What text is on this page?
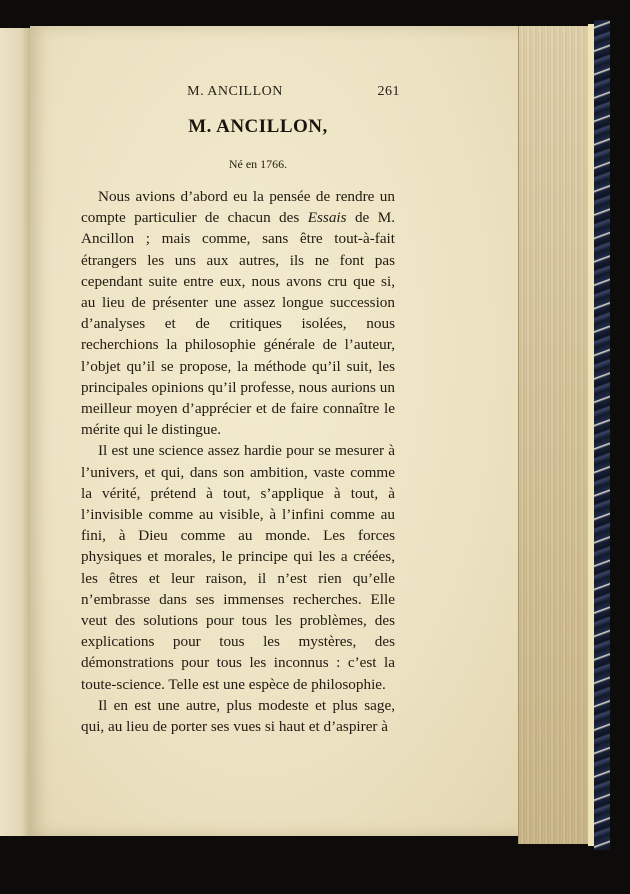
M. ANCILLON	261
M. ANCILLON,
Né en 1766.

Nous avions d’abord eu la pensée de rendre un compte particulier de chacun des Essais de M. Ancillon ; mais comme, sans être tout-à-fait étrangers les uns aux autres, ils ne font pas cependant suite entre eux, nous avons cru que si, au lieu de présenter une assez longue succession d’analyses et de critiques isolées, nous recherchions la philosophie générale de l’auteur, l’objet qu’il se propose, la méthode qu’il suit, les principales opinions qu’il professe, nous aurions un meilleur moyen d’apprécier et de faire connaître le mérite qui le distingue.

Il est une science assez hardie pour se mesurer à l’univers, et qui, dans son ambition, vaste comme la vérité, prétend à tout, s’applique à tout, à l’invisible comme au visible, à l’infini comme au fini, à Dieu comme au monde. Les forces physiques et morales, le principe qui les a créées, les êtres et leur raison, il n’est rien qu’elle n’embrasse dans ses immenses recherches. Elle veut des solutions pour tous les problèmes, des explications pour tous les mystères, des démonstrations pour tous les inconnus : c’est la toute-science. Telle est une espèce de philosophie.

Il en est une autre, plus modeste et plus sage, qui, au lieu de porter ses vues si haut et d’aspirer à
